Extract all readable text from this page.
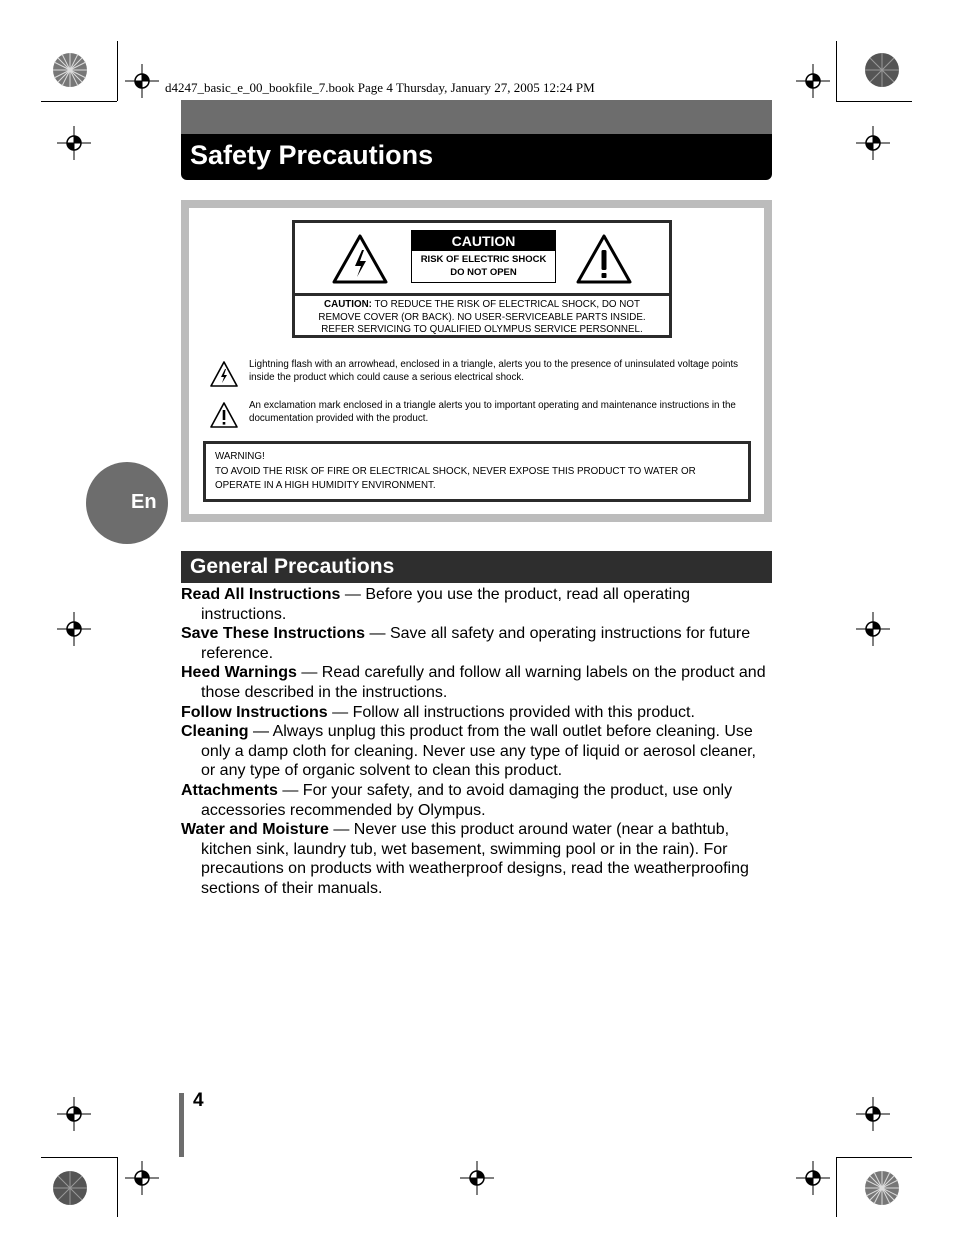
d4247_basic_e_00_bookfile_7.book Page 4 Thursday, January 27, 2005 12:24 PM
Safety Precautions
CAUTION
RISK OF ELECTRIC SHOCK
DO NOT OPEN
CAUTION: TO REDUCE THE RISK OF ELECTRICAL SHOCK, DO NOT
REMOVE COVER (OR BACK). NO USER-SERVICEABLE PARTS INSIDE.
REFER SERVICING TO QUALIFIED OLYMPUS SERVICE PERSONNEL.
Lightning flash with an arrowhead, enclosed in a triangle, alerts you to the presence of uninsulated voltage points inside the product which could cause a serious electrical shock.
An exclamation mark enclosed in a triangle alerts you to important operating and maintenance instructions in the documentation provided with the product.
WARNING!
TO AVOID THE RISK OF FIRE OR ELECTRICAL SHOCK, NEVER EXPOSE THIS PRODUCT TO WATER OR
OPERATE IN A HIGH HUMIDITY ENVIRONMENT.
En
General Precautions

Read All Instructions — Before you use the product, read all operating instructions.

Save These Instructions — Save all safety and operating instructions for future reference.

Heed Warnings — Read carefully and follow all warning labels on the product and those described in the instructions.

Follow Instructions — Follow all instructions provided with this product.

Cleaning — Always unplug this product from the wall outlet before cleaning. Use only a damp cloth for cleaning. Never use any type of liquid or aerosol cleaner, or any type of organic solvent to clean this product.

Attachments — For your safety, and to avoid damaging the product, use only accessories recommended by Olympus.

Water and Moisture — Never use this product around water (near a bathtub, kitchen sink, laundry tub, wet basement, swimming pool or in the rain). For precautions on products with weatherproof designs, read the weatherproofing sections of their manuals.

4
